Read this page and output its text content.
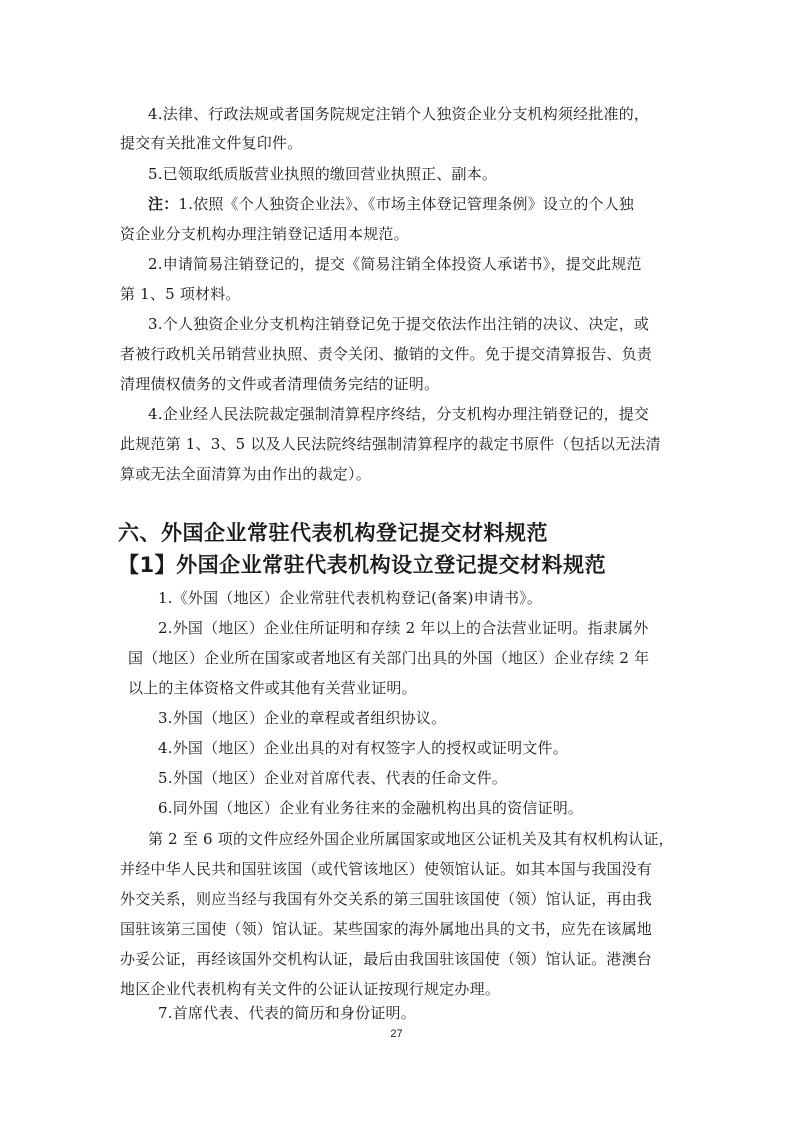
4.法律、行政法规或者国务院规定注销个人独资企业分支机构须经批准的，
提交有关批准文件复印件。
5.已领取纸质版营业执照的缴回营业执照正、副本。
注：1.依照《个人独资企业法》、《市场主体登记管理条例》设立的个人独
资企业分支机构办理注销登记适用本规范。
2.申请简易注销登记的，提交《简易注销全体投资人承诺书》，提交此规范
第 1、5 项材料。
3.个人独资企业分支机构注销登记免于提交依法作出注销的决议、决定，或
者被行政机关吊销营业执照、责令关闭、撤销的文件。免于提交清算报告、负责
清理债权债务的文件或者清理债务完结的证明。
4.企业经人民法院裁定强制清算程序终结，分支机构办理注销登记的，提交
此规范第 1、3、5 以及人民法院终结强制清算程序的裁定书原件（包括以无法清
算或无法全面清算为由作出的裁定）。
六、外国企业常驻代表机构登记提交材料规范
【1】外国企业常驻代表机构设立登记提交材料规范
1.《外国（地区）企业常驻代表机构登记(备案)申请书》。
2.外国（地区）企业住所证明和存续 2 年以上的合法营业证明。指隶属外
国（地区）企业所在国家或者地区有关部门出具的外国（地区）企业存续 2 年
以上的主体资格文件或其他有关营业证明。
3.外国（地区）企业的章程或者组织协议。
4.外国（地区）企业出具的对有权签字人的授权或证明文件。
5.外国（地区）企业对首席代表、代表的任命文件。
6.同外国（地区）企业有业务往来的金融机构出具的资信证明。
第 2 至 6 项的文件应经外国企业所属国家或地区公证机关及其有权机构认证，
并经中华人民共和国驻该国（或代管该地区）使领馆认证。如其本国与我国没有
外交关系，则应当经与我国有外交关系的第三国驻该国使（领）馆认证，再由我
国驻该第三国使（领）馆认证。某些国家的海外属地出具的文书，应先在该属地
办妥公证，再经该国外交机构认证，最后由我国驻该国使（领）馆认证。港澳台
地区企业代表机构有关文件的公证认证按现行规定办理。
7.首席代表、代表的简历和身份证明。
27
